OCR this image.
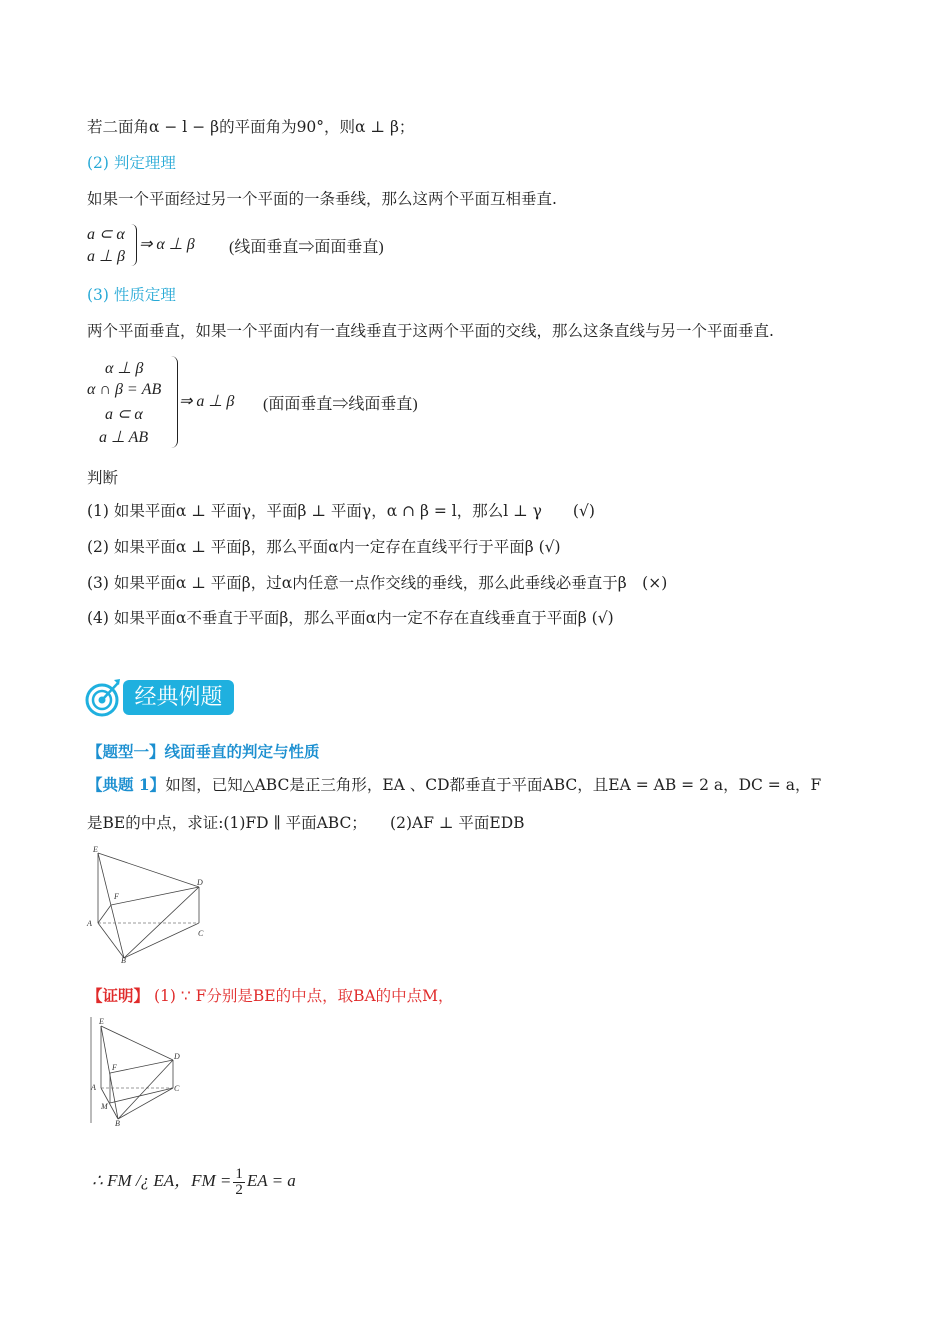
若二面角α − l − β的平面角为90°，则α ⊥ β；
(2) 判定理理
如果一个平面经过另一个平面的一条垂线，那么这两个平面互相垂直.
a ⊂ α
a ⊥ β
⇒ α ⊥ β (线面垂直⇒面面垂直)
(3) 性质定理
两个平面垂直，如果一个平面内有一直线垂直于这两个平面的交线，那么这条直线与另一个平面垂直.
α ⊥ β
α ∩ β = AB
a ⊂ α
a ⊥ AB
⇒ a ⊥ β (面面垂直⇒线面垂直)
判断
(1) 如果平面α ⊥ 平面γ，平面β ⊥ 平面γ，α ∩ β = l，那么l ⊥ γ　　(√)
(2) 如果平面α ⊥ 平面β，那么平面α内一定存在直线平行于平面β (√)
(3) 如果平面α ⊥ 平面β，过α内任意一点作交线的垂线，那么此垂线必垂直于β　(×)
(4) 如果平面α不垂直于平面β，那么平面α内一定不存在直线垂直于平面β (√)
经典例题
【题型一】线面垂直的判定与性质
【典题 1】如图，已知△ABC是正三角形，EA 、CD都垂直于平面ABC，且EA = AB = 2 a，DC = a，F
是BE的中点，求证:(1)FD ∥ 平面ABC；　　(2)AF ⊥ 平面EDB
E
F
D
A
C
B
【证明】 (1) ∵ F分别是BE的中点，取BA的中点M，
E
F
D
A	C
M
B
∴ FM /¿ EA，FM = $\frac{1}{2}$ EA = a
